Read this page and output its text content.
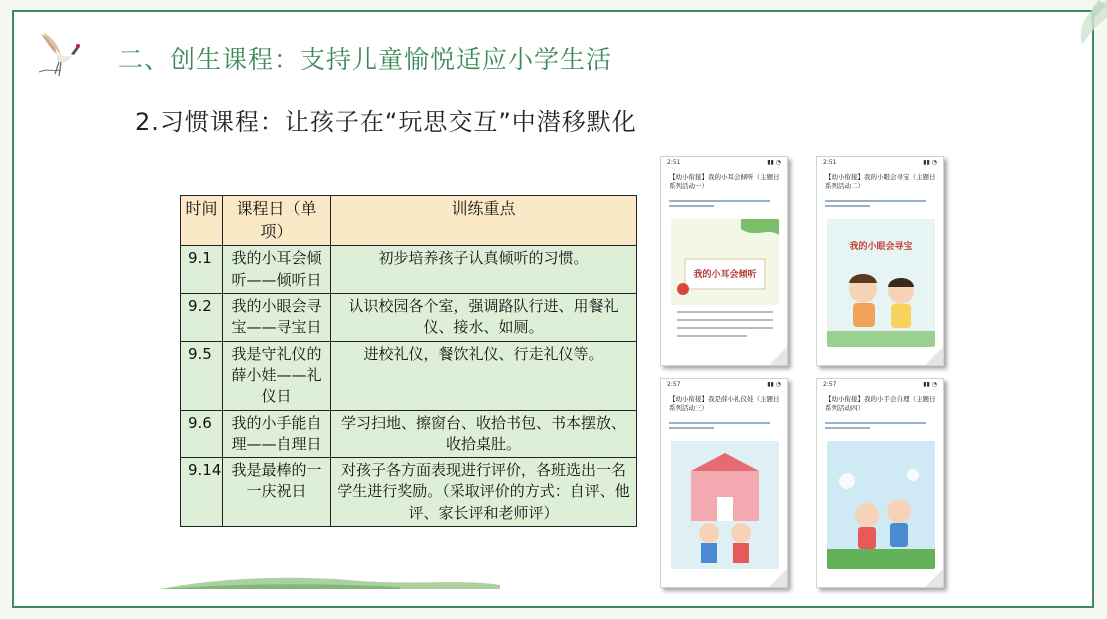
二、创生课程：支持儿童愉悦适应小学生活
2.习惯课程：让孩子在“玩思交互”中潜移默化
时间	课程日（单项）	训练重点
9.1	我的小耳会倾听——倾听日	初步培养孩子认真倾听的习惯。
9.2	我的小眼会寻宝——寻宝日	认识校园各个室，强调路队行进、用餐礼仪、接水、如厕。
9.5	我是守礼仪的薛小娃——礼仪日	进校礼仪，餐饮礼仪、行走礼仪等。
9.6	我的小手能自理——自理日	学习扫地、擦窗台、收拾书包、书本摆放、收拾桌肚。
9.14	我是最棒的一一庆祝日	对孩子各方面表现进行评价，各班选出一名学生进行奖励。（采取评价的方式：自评、他评、家长评和老师评）
2:51	▮▮ ◔
【幼小衔接】我的小耳会倾听（主题日系列活动一）
我的小耳会倾听
2:51	▮▮ ◔
【幼小衔接】我的小眼会寻宝（主题日系列活动二）
我的小眼会寻宝
2:57	▮▮ ◔
【幼小衔接】我是薛小礼仪娃（主题日系列活动三）
2:57	▮▮ ◔
【幼小衔接】我的小手会自理（主题日系列活动四）
